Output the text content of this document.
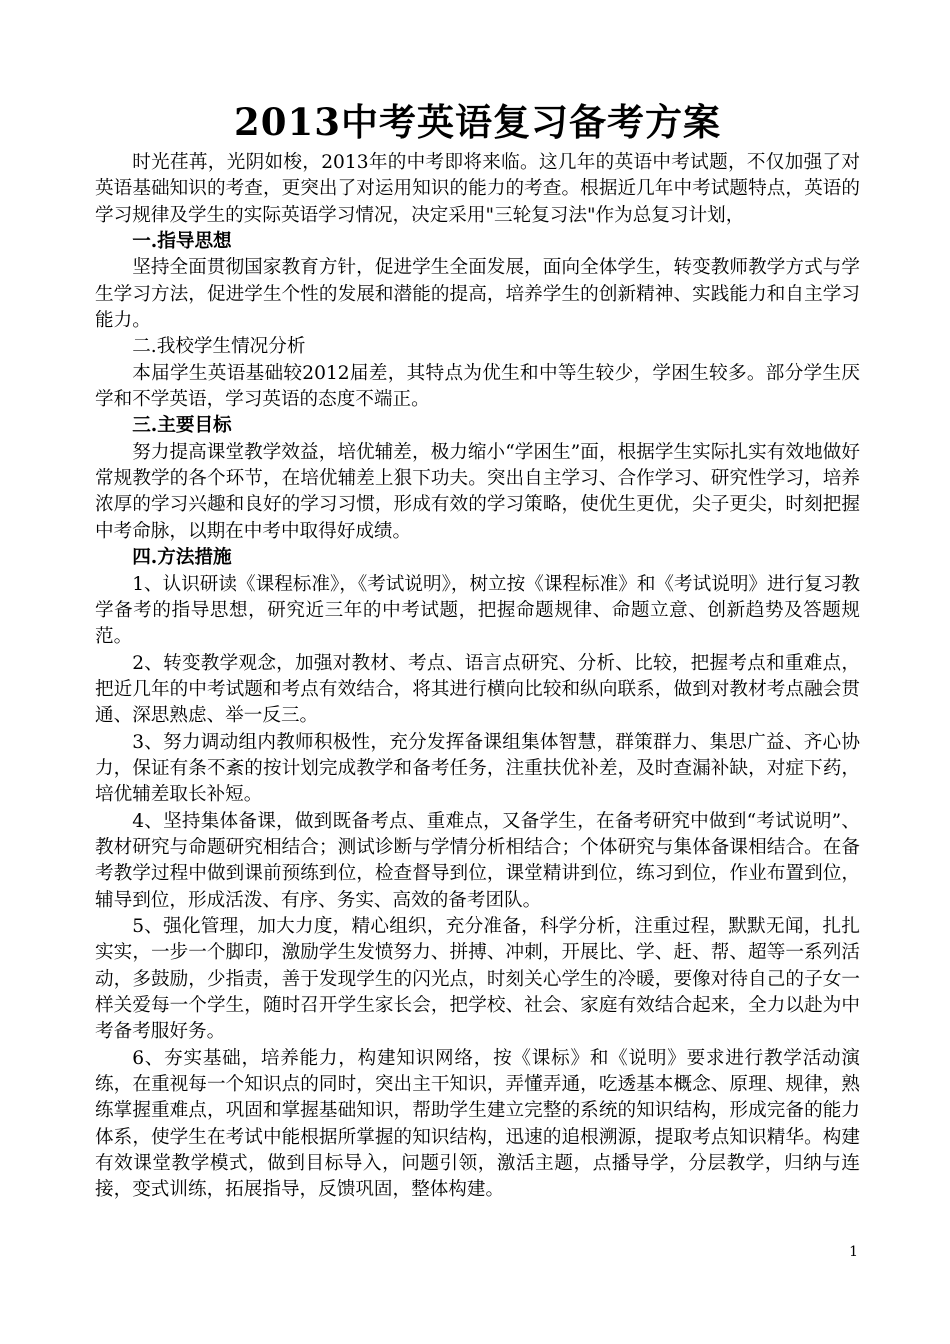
2013中考英语复习备考方案

时光荏苒，光阴如梭，2013年的中考即将来临。这几年的英语中考试题，不仅加强了对英语基础知识的考查，更突出了对运用知识的能力的考查。根据近几年中考试题特点，英语的学习规律及学生的实际英语学习情况，决定采用"三轮复习法"作为总复习计划，

一.指导思想

坚持全面贯彻国家教育方针，促进学生全面发展，面向全体学生，转变教师教学方式与学生学习方法，促进学生个性的发展和潜能的提高，培养学生的创新精神、实践能力和自主学习能力。

二.我校学生情况分析

本届学生英语基础较2012届差，其特点为优生和中等生较少，学困生较多。部分学生厌学和不学英语，学习英语的态度不端正。

三.主要目标

努力提高课堂教学效益，培优辅差，极力缩小“学困生”面，根据学生实际扎实有效地做好常规教学的各个环节，在培优辅差上狠下功夫。突出自主学习、合作学习、研究性学习，培养浓厚的学习兴趣和良好的学习习惯，形成有效的学习策略，使优生更优，尖子更尖，时刻把握中考命脉，以期在中考中取得好成绩。

四.方法措施

1、认识研读《课程标准》，《考试说明》，树立按《课程标准》和《考试说明》进行复习教学备考的指导思想，研究近三年的中考试题，把握命题规律、命题立意、创新趋势及答题规范。

2、转变教学观念，加强对教材、考点、语言点研究、分析、比较，把握考点和重难点，把近几年的中考试题和考点有效结合，将其进行横向比较和纵向联系，做到对教材考点融会贯通、深思熟虑、举一反三。

3、努力调动组内教师积极性，充分发挥备课组集体智慧，群策群力、集思广益、齐心协力，保证有条不紊的按计划完成教学和备考任务，注重扶优补差，及时查漏补缺，对症下药，培优辅差取长补短。

4、坚持集体备课，做到既备考点、重难点，又备学生，在备考研究中做到“考试说明”、教材研究与命题研究相结合；测试诊断与学情分析相结合；个体研究与集体备课相结合。在备考教学过程中做到课前预练到位，检查督导到位，课堂精讲到位，练习到位，作业布置到位，辅导到位，形成活泼、有序、务实、高效的备考团队。

5、强化管理，加大力度，精心组织，充分准备，科学分析，注重过程，默默无闻，扎扎实实，一步一个脚印，激励学生发愤努力、拼搏、冲刺，开展比、学、赶、帮、超等一系列活动，多鼓励，少指责，善于发现学生的闪光点，时刻关心学生的冷暖，要像对待自己的子女一样关爱每一个学生，随时召开学生家长会，把学校、社会、家庭有效结合起来，全力以赴为中考备考服好务。

6、夯实基础，培养能力，构建知识网络，按《课标》和《说明》要求进行教学活动演练，在重视每一个知识点的同时，突出主干知识，弄懂弄通，吃透基本概念、原理、规律，熟练掌握重难点，巩固和掌握基础知识，帮助学生建立完整的系统的知识结构，形成完备的能力体系，使学生在考试中能根据所掌握的知识结构，迅速的追根溯源，提取考点知识精华。构建有效课堂教学模式，做到目标导入，问题引领，激活主题，点播导学，分层教学，归纳与连接，变式训练，拓展指导，反馈巩固，整体构建。

1
